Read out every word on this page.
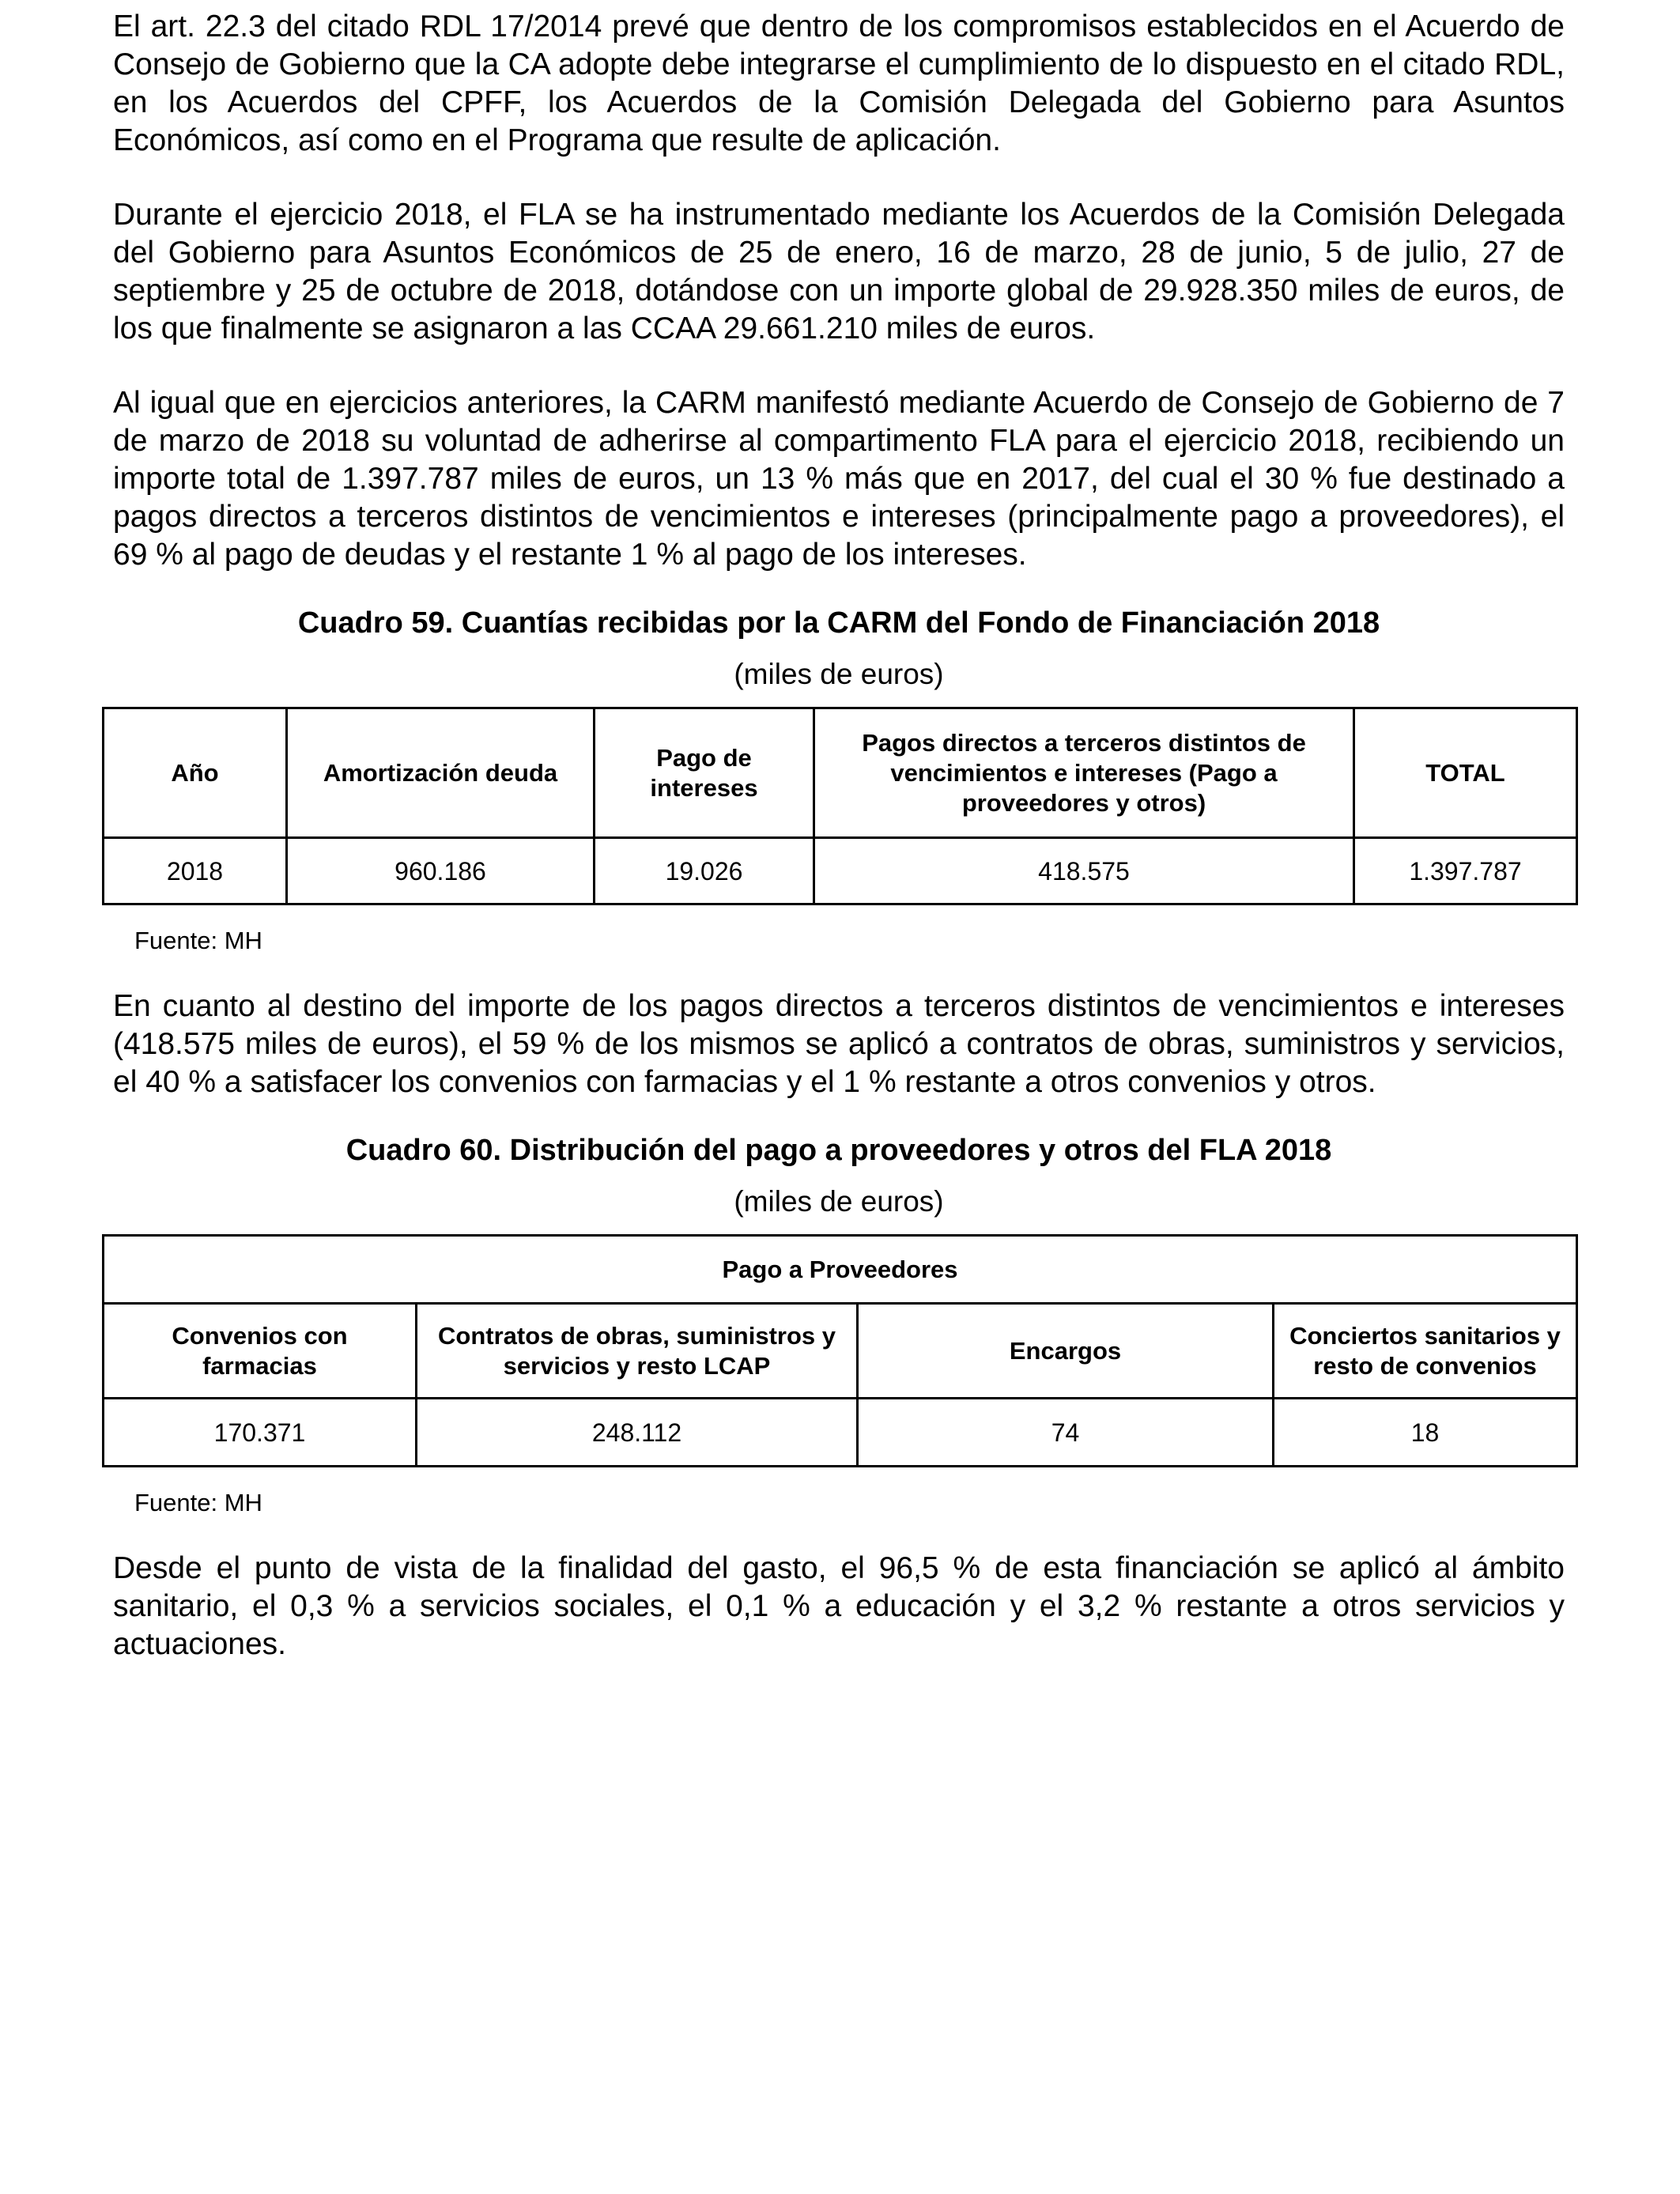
El art. 22.3 del citado RDL 17/2014 prevé que dentro de los compromisos establecidos en el Acuerdo de Consejo de Gobierno que la CA adopte debe integrarse el cumplimiento de lo dispuesto en el citado RDL, en los Acuerdos del CPFF, los Acuerdos de la Comisión Delegada del Gobierno para Asuntos Económicos, así como en el Programa que resulte de aplicación.

Durante el ejercicio 2018, el FLA se ha instrumentado mediante los Acuerdos de la Comisión Delegada del Gobierno para Asuntos Económicos de 25 de enero, 16 de marzo, 28 de junio, 5 de julio, 27 de septiembre y 25 de octubre de 2018, dotándose con un importe global de 29.928.350 miles de euros, de los que finalmente se asignaron a las CCAA 29.661.210 miles de euros.

Al igual que en ejercicios anteriores, la CARM manifestó mediante Acuerdo de Consejo de Gobierno de 7 de marzo de 2018 su voluntad de adherirse al compartimento FLA para el ejercicio 2018, recibiendo un importe total de 1.397.787 miles de euros, un 13 % más que en 2017, del cual el 30 % fue destinado a pagos directos a terceros distintos de vencimientos e intereses (principalmente pago a proveedores), el 69 % al pago de deudas y el restante 1 % al pago de los intereses.

Cuadro 59. Cuantías recibidas por la CARM del Fondo de Financiación 2018

(miles de euros)

Año	Amortización deuda	Pago de intereses	Pagos directos a terceros distintos de vencimientos e intereses (Pago a proveedores y otros)	TOTAL
2018	960.186	19.026	418.575	1.397.787

Fuente: MH

En cuanto al destino del importe de los pagos directos a terceros distintos de vencimientos e intereses (418.575 miles de euros), el 59 % de los mismos se aplicó a contratos de obras, suministros y servicios, el 40 % a satisfacer los convenios con farmacias y el 1 % restante a otros convenios y otros.

Cuadro 60. Distribución del pago a proveedores y otros del FLA 2018

(miles de euros)

Pago a Proveedores			
Convenios con farmacias	Contratos de obras, suministros y servicios y resto LCAP	Encargos	Conciertos sanitarios y resto de convenios
170.371	248.112	74	18

Fuente: MH

Desde el punto de vista de la finalidad del gasto, el 96,5 % de esta financiación se aplicó al ámbito sanitario, el 0,3 % a servicios sociales, el 0,1 % a educación y el 3,2 % restante a otros servicios y actuaciones.
